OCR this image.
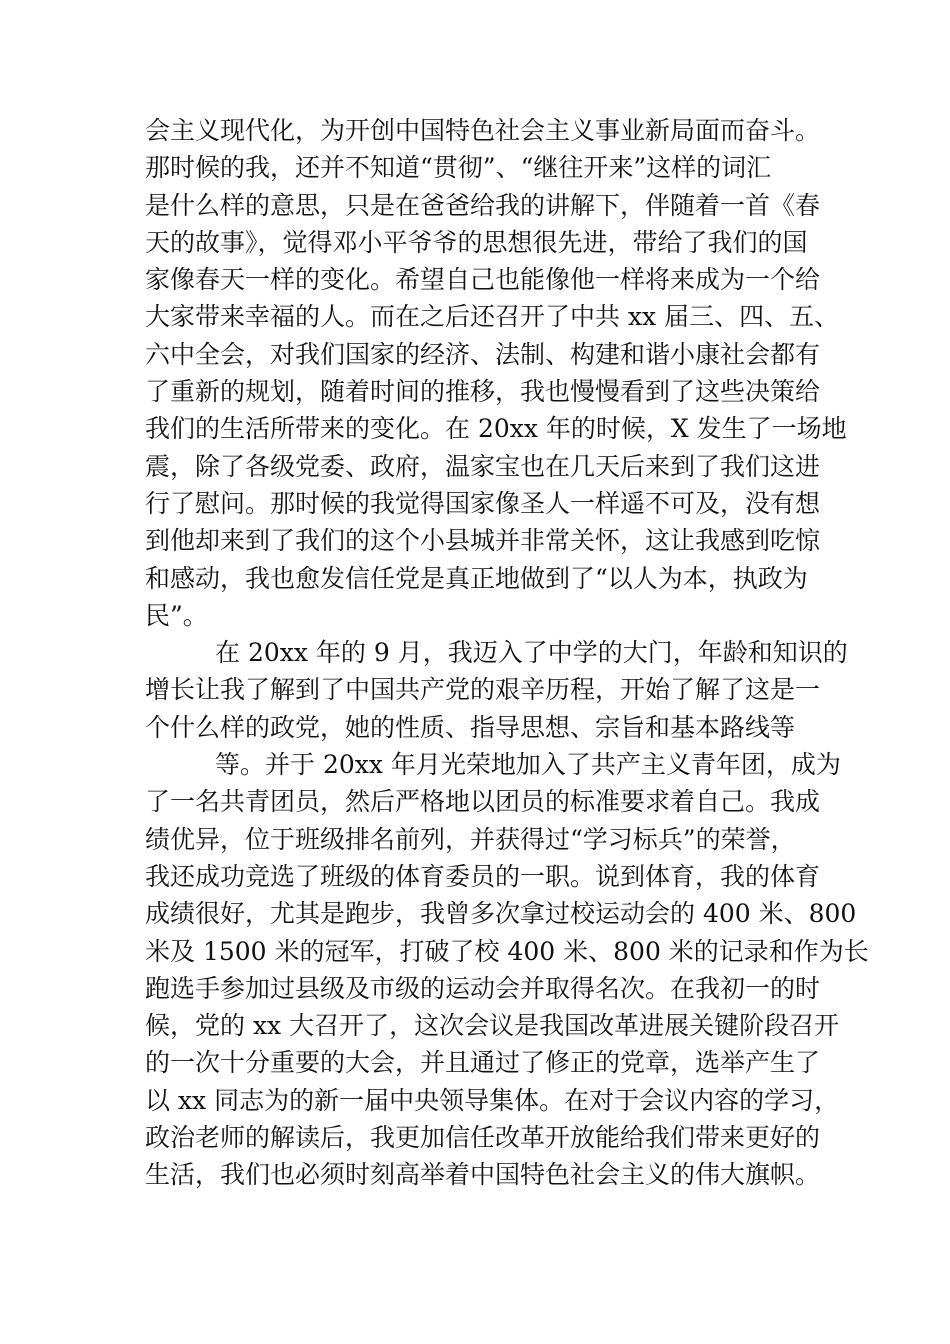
会主义现代化，为开创中国特色社会主义事业新局面而奋斗。
那时候的我，还并不知道“贯彻”、“继往开来”这样的词汇
是什么样的意思，只是在爸爸给我的讲解下，伴随着一首《春
天的故事》，觉得邓小平爷爷的思想很先进，带给了我们的国
家像春天一样的变化。希望自己也能像他一样将来成为一个给
大家带来幸福的人。而在之后还召开了中共 xx 届三、四、五、
六中全会，对我们国家的经济、法制、构建和谐小康社会都有
了重新的规划，随着时间的推移，我也慢慢看到了这些决策给
我们的生活所带来的变化。在 20xx 年的时候，X 发生了一场地
震，除了各级党委、政府，温家宝也在几天后来到了我们这进
行了慰问。那时候的我觉得国家像圣人一样遥不可及，没有想
到他却来到了我们的这个小县城并非常关怀，这让我感到吃惊
和感动，我也愈发信任党是真正地做到了“以人为本，执政为
民”。
在 20xx 年的 9 月，我迈入了中学的大门，年龄和知识的
增长让我了解到了中国共产党的艰辛历程，开始了解了这是一
个什么样的政党，她的性质、指导思想、宗旨和基本路线等
等。并于 20xx 年月光荣地加入了共产主义青年团，成为
了一名共青团员，然后严格地以团员的标准要求着自己。我成
绩优异，位于班级排名前列，并获得过“学习标兵”的荣誉，
我还成功竞选了班级的体育委员的一职。说到体育，我的体育
成绩很好，尤其是跑步，我曾多次拿过校运动会的 400 米、800
米及 1500 米的冠军，打破了校 400 米、800 米的记录和作为长
跑选手参加过县级及市级的运动会并取得名次。在我初一的时
候，党的 xx 大召开了，这次会议是我国改革进展关键阶段召开
的一次十分重要的大会，并且通过了修正的党章，选举产生了
以 xx 同志为的新一届中央领导集体。在对于会议内容的学习，
政治老师的解读后，我更加信任改革开放能给我们带来更好的
生活，我们也必须时刻高举着中国特色社会主义的伟大旗帜。
